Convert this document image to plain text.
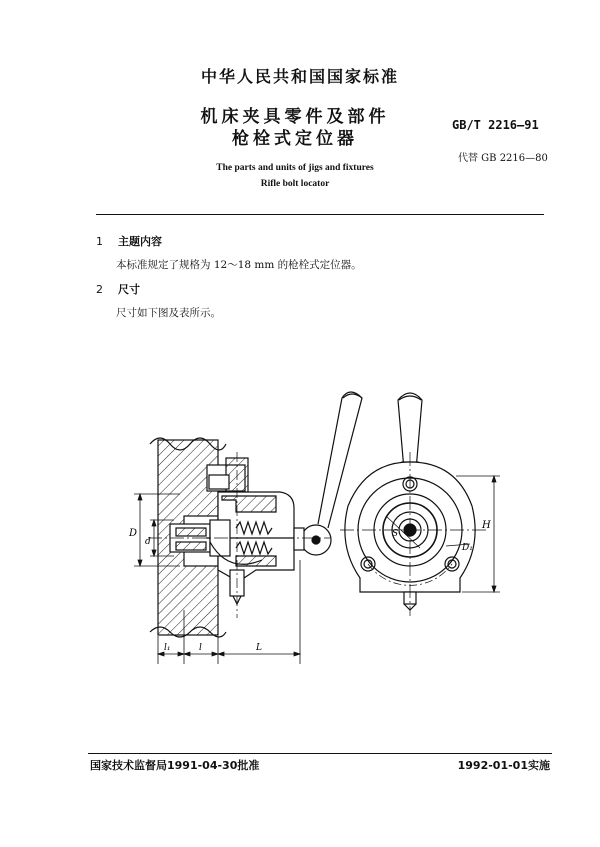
中华人民共和国国家标准
机床夹具零件及部件
枪栓式定位器
GB/T 2216—91
代替 GB 2216—80
The parts and units of jigs and fixtures
Rifle bolt locator
1 主题内容
本标准规定了规格为 12～18 mm 的枪栓式定位器。
2 尺寸
尺寸如下图及表所示。
D
d
l₁	l	L
H
D₁
S
国家技术监督局1991-04-30批准	1992-01-01实施
